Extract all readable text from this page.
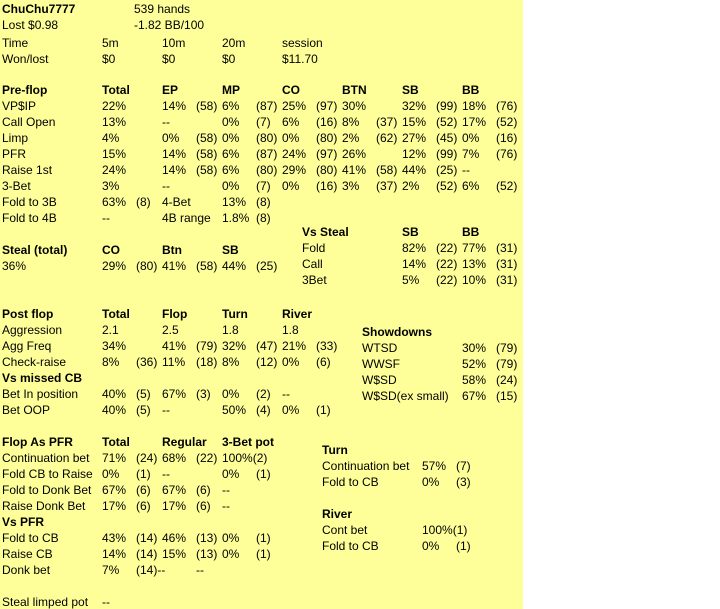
ChuChu7777	539 hands
Lost $0.98	-1.82 BB/100
Time	5m	10m	20m	session
Won/lost	$0	$0	$0	$11.70
Pre-flop	Total	EP	MP	CO	BTN	SB	BB
VP$IP	22%	14% (58) 6% (87) 25% (97) 30%	32% (99) 18% (76)
Call Open	13%	--	0% (7) 6% (16) 8% (37) 15% (52) 17% (52)
Limp	4%	0% (58) 0% (80) 0% (80) 2% (62) 27% (45) 0% (16)
PFR	15%	14% (58) 6% (87) 24% (97) 26%	12% (99) 7% (76)
Raise 1st	24%	14% (58) 6% (80) 29% (80) 41% (58) 44% (25) --
3-Bet	3%	--	0% (7) 0% (16) 3% (37) 2% (52) 6% (52)
Fold to 3B	63% (8) 4-Bet	13% (8)
Fold to 4B	--	4B range 1.8% (8)
Vs Steal	SB	BB
Fold	82% (22) 77% (31)
Call	14% (22) 13% (31)
3Bet	5% (22) 10% (31)
Steal (total)	CO	Btn	SB
36%	29% (80) 41% (58) 44% (25)
Post flop	Total	Flop	Turn	River
Aggression	2.1	2.5	1.8	1.8
Agg Freq	34%	41% (79) 32% (47) 21% (33)
Check-raise	8% (36) 11% (18) 8% (12) 0% (6)
Vs missed CB
Bet In position 40% (5) 67% (3) 0% (2) --
Bet OOP	40% (5) --	50% (4) 0% (1)
Showdowns
WTSD	30% (79)
WWSF	52% (79)
W$SD	58% (24)
W$SD(ex small) 67% (15)
Flop As PFR Total	Regular 3-Bet pot
Continuation bet 71% (24) 68% (22) 100%(2)
Fold CB to Raise 0% (1) --	0% (1)
Fold to Donk Bet 67% (6) 67% (6) --
Raise Donk Bet 17% (6) 17% (6) --
Vs PFR
Fold to CB	43% (14) 46% (13) 0% (1)
Raise CB	14% (14) 15% (13) 0% (1)
Donk bet	7% (14)--	--
Turn
Continuation bet 57% (7)
Fold to CB	0% (3)
River
Cont bet	100%(1)
Fold to CB	0% (1)
Steal limped pot --
